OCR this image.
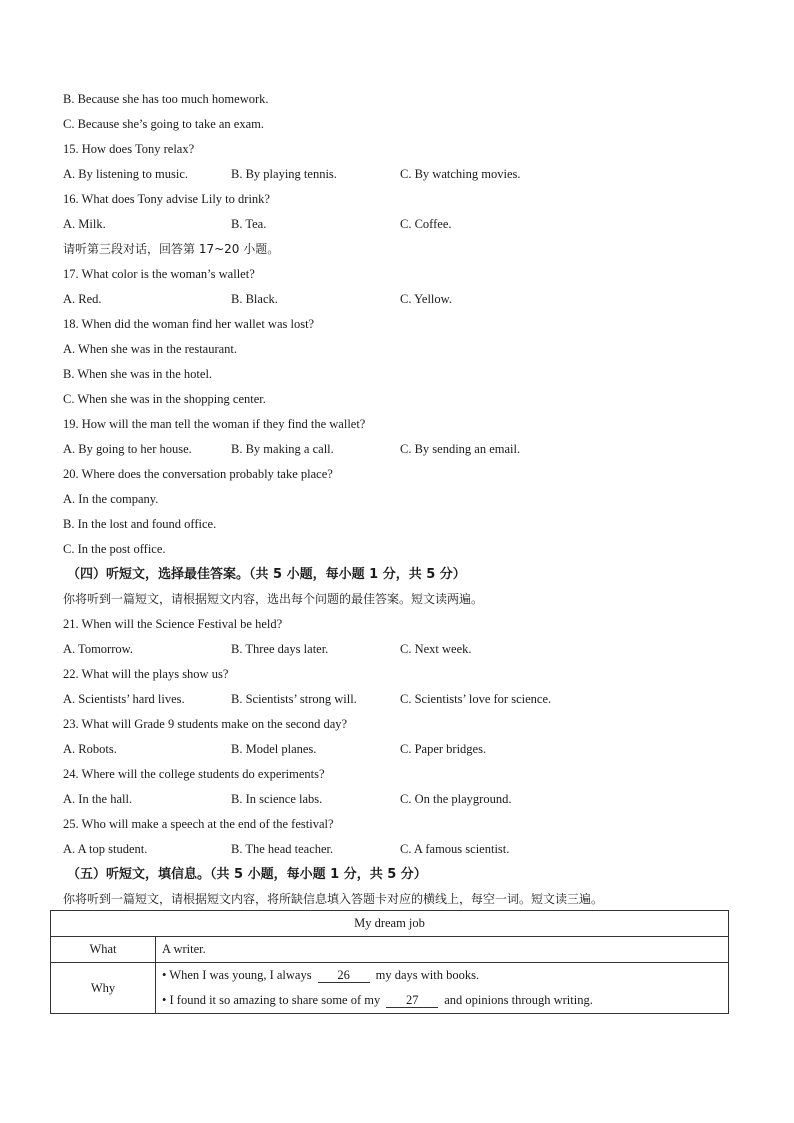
B. Because she has too much homework.
C. Because she’s going to take an exam.
15. How does Tony relax?
A. By listening to music.	B. By playing tennis.	C. By watching movies.
16. What does Tony advise Lily to drink?
A. Milk.	B. Tea.	C. Coffee.
请听第三段对话，回答第 17~20 小题。
17. What color is the woman’s wallet?
A. Red.	B. Black.	C. Yellow.
18. When did the woman find her wallet was lost?
A. When she was in the restaurant.
B. When she was in the hotel.
C. When she was in the shopping center.
19. How will the man tell the woman if they find the wallet?
A. By going to her house.	B. By making a call.	C. By sending an email.
20. Where does the conversation probably take place?
A. In the company.
B. In the lost and found office.
C. In the post office.
（四）听短文，选择最佳答案。（共 5 小题，每小题 1 分，共 5 分）
你将听到一篇短文，请根据短文内容，选出每个问题的最佳答案。短文读两遍。
21. When will the Science Festival be held?
A. Tomorrow.	B. Three days later.	C. Next week.
22. What will the plays show us?
A. Scientists’ hard lives.	B. Scientists’ strong will.	C. Scientists’ love for science.
23. What will Grade 9 students make on the second day?
A. Robots.	B. Model planes.	C. Paper bridges.
24. Where will the college students do experiments?
A. In the hall.	B. In science labs.	C. On the playground.
25. Who will make a speech at the end of the festival?
A. A top student.	B. The head teacher.	C. A famous scientist.
（五）听短文，填信息。（共 5 小题，每小题 1 分，共 5 分）
你将听到一篇短文，请根据短文内容，将所缺信息填入答题卡对应的横线上，每空一词。短文读三遍。
My dream job	
What	A writer.
Why	• When I was young, I always 26 my days with books.
• I found it so amazing to share some of my 27 and opinions through writing.
